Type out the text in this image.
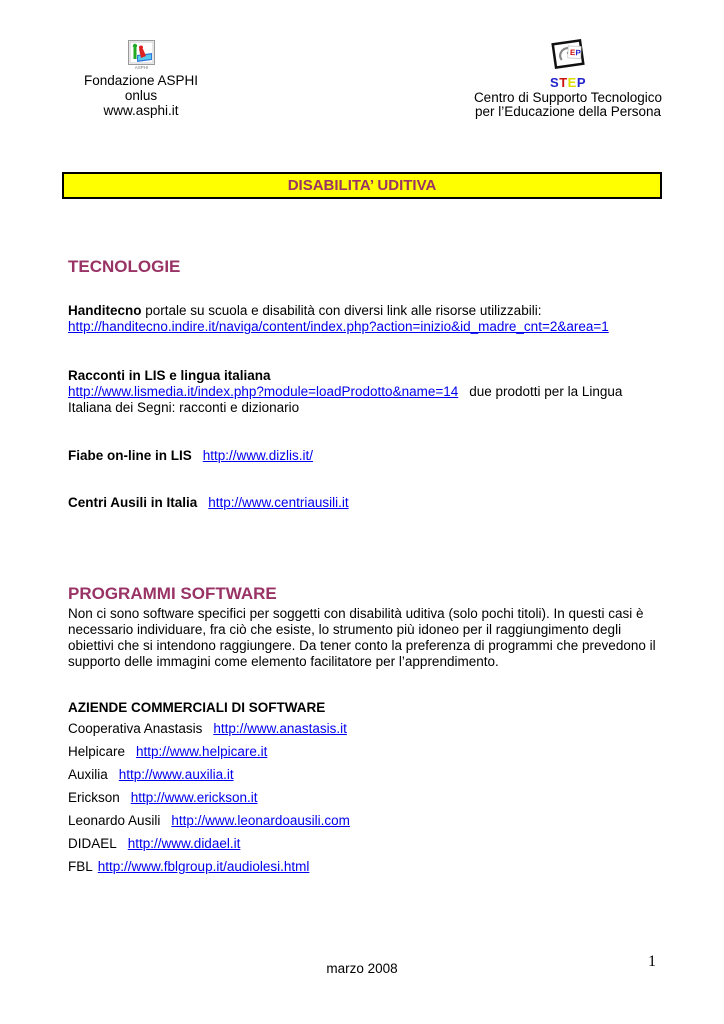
ASPHI
Fondazione ASPHI onlus
www.asphi.it
E P
STEP
Centro di Supporto Tecnologico
per l’Educazione della Persona
DISABILITA’ UDITIVA
TECNOLOGIE
Handitecno portale su scuola e disabilità con diversi link alle risorse utilizzabili:
http://handitecno.indire.it/naviga/content/index.php?action=inizio&id_madre_cnt=2&area=1
Racconti in LIS e lingua italiana
http://www.lismedia.it/index.php?module=loadProdotto&name=14 due prodotti per la Lingua Italiana dei Segni: racconti e dizionario
Fiabe on-line in LIS http://www.dizlis.it/
Centri Ausili in Italia http://www.centriausili.it
PROGRAMMI SOFTWARE
Non ci sono software specifici per soggetti con disabilità uditiva (solo pochi titoli). In questi casi è necessario individuare, fra ciò che esiste, lo strumento più idoneo per il raggiungimento degli obiettivi che si intendono raggiungere. Da tener conto la preferenza di programmi che prevedono il supporto delle immagini come elemento facilitatore per l’apprendimento.
AZIENDE COMMERCIALI DI SOFTWARE
Cooperativa Anastasis http://www.anastasis.it
Helpicare http://www.helpicare.it
Auxilia http://www.auxilia.it
Erickson http://www.erickson.it
Leonardo Ausili http://www.leonardoausili.com
DIDAEL http://www.didael.it
FBL http://www.fblgroup.it/audiolesi.html
marzo 2008	1
